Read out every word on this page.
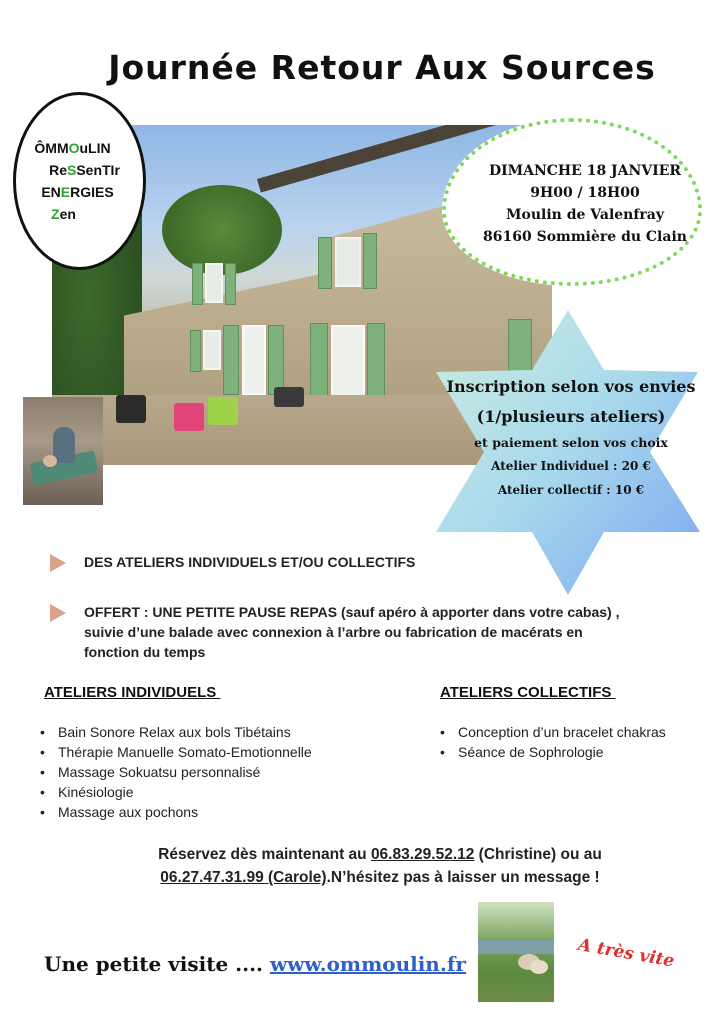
Journée Retour Aux Sources
ÔMMOuLIN
ReSSenTIr
ENERGIES
Zen
DIMANCHE 18 JANVIER
9H00 / 18H00
Moulin de Valenfray
86160 Sommière du Clain
Inscription selon vos envies
(1/plusieurs ateliers)
et paiement selon vos choix
Atelier Individuel : 20 €
Atelier collectif : 10 €
DES ATELIERS INDIVIDUELS ET/OU COLLECTIFS
OFFERT : UNE PETITE PAUSE REPAS (sauf apéro à apporter dans votre cabas) ,
suivie d’une balade avec connexion à l’arbre ou fabrication de macérats en
fonction du temps
ATELIERS INDIVIDUELS
• Bain Sonore Relax aux bols Tibétains
• Thérapie Manuelle Somato-Emotionnelle
• Massage Sokuatsu personnalisé
• Kinésiologie
• Massage aux pochons
ATELIERS COLLECTIFS
• Conception d’un bracelet chakras
• Séance de Sophrologie
Réservez dès maintenant au 06.83.29.52.12 (Christine) ou au
06.27.47.31.99 (Carole).N’hésitez pas à laisser un message !
Une petite visite .... www.ommoulin.fr	A très vite
